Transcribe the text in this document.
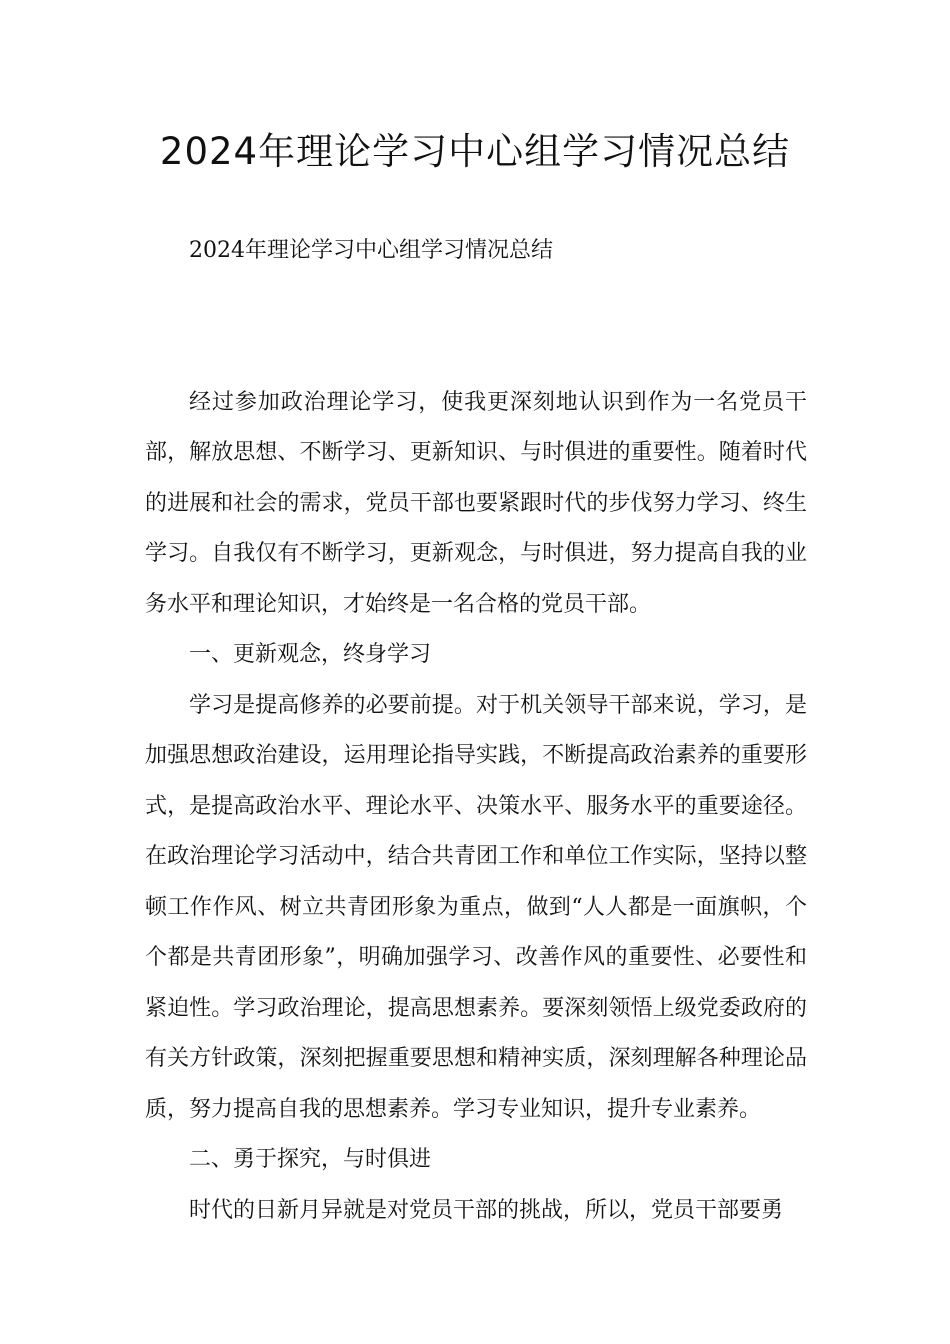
2024年理论学习中心组学习情况总结

2024年理论学习中心组学习情况总结

经过参加政治理论学习，使我更深刻地认识到作为一名党员干部，解放思想、不断学习、更新知识、与时俱进的重要性。随着时代的进展和社会的需求，党员干部也要紧跟时代的步伐努力学习、终生学习。自我仅有不断学习，更新观念，与时俱进，努力提高自我的业务水平和理论知识，才始终是一名合格的党员干部。

一、更新观念，终身学习

学习是提高修养的必要前提。对于机关领导干部来说，学习，是加强思想政治建设，运用理论指导实践，不断提高政治素养的重要形式，是提高政治水平、理论水平、决策水平、服务水平的重要途径。在政治理论学习活动中，结合共青团工作和单位工作实际，坚持以整顿工作作风、树立共青团形象为重点，做到“人人都是一面旗帜，个个都是共青团形象”，明确加强学习、改善作风的重要性、必要性和紧迫性。学习政治理论，提高思想素养。要深刻领悟上级党委政府的有关方针政策，深刻把握重要思想和精神实质，深刻理解各种理论品质，努力提高自我的思想素养。学习专业知识，提升专业素养。

二、勇于探究，与时俱进

时代的日新月异就是对党员干部的挑战，所以，党员干部要勇
